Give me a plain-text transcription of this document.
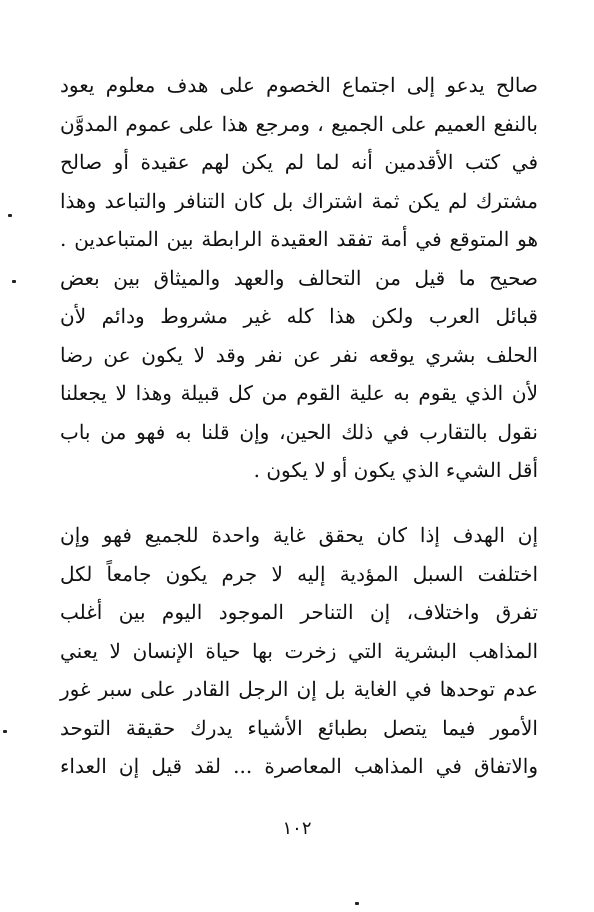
صالح يدعو إلى اجتماع الخصوم على هدف معلوم يعود
بالنفع العميم على الجميع ، ومرجع هذا على عموم المدوَّن
في كتب الأقدمين أنه لما لم يكن لهم عقيدة أو صالح
مشترك لم يكن ثمة اشتراك بل كان التنافر والتباعد وهذا
هو المتوقع في أمة تفقد العقيدة الرابطة بين المتباعدين .
صحيح ما قيل من التحالف والعهد والميثاق بين بعض
قبائل العرب ولكن هذا كله غير مشروط ودائم لأن
الحلف بشري يوقعه نفر عن نفر وقد لا يكون عن رضا
لأن الذي يقوم به علية القوم من كل قبيلة وهذا لا يجعلنا
نقول بالتقارب في ذلك الحين، وإن قلنا به فهو من باب
أقل الشيء الذي يكون أو لا يكون .
إن الهدف إذا كان يحقق غاية واحدة للجميع فهو وإن
اختلفت السبل المؤدية إليه لا جرم يكون جامعاً لكل
تفرق واختلاف، إن التناحر الموجود اليوم بين أغلب
المذاهب البشرية التي زخرت بها حياة الإنسان لا يعني
عدم توحدها في الغاية بل إن الرجل القادر على سبر غور
الأمور فيما يتصل بطبائع الأشياء يدرك حقيقة التوحد
والاتفاق في المذاهب المعاصرة ... لقد قيل إن العداء
١٠٢
